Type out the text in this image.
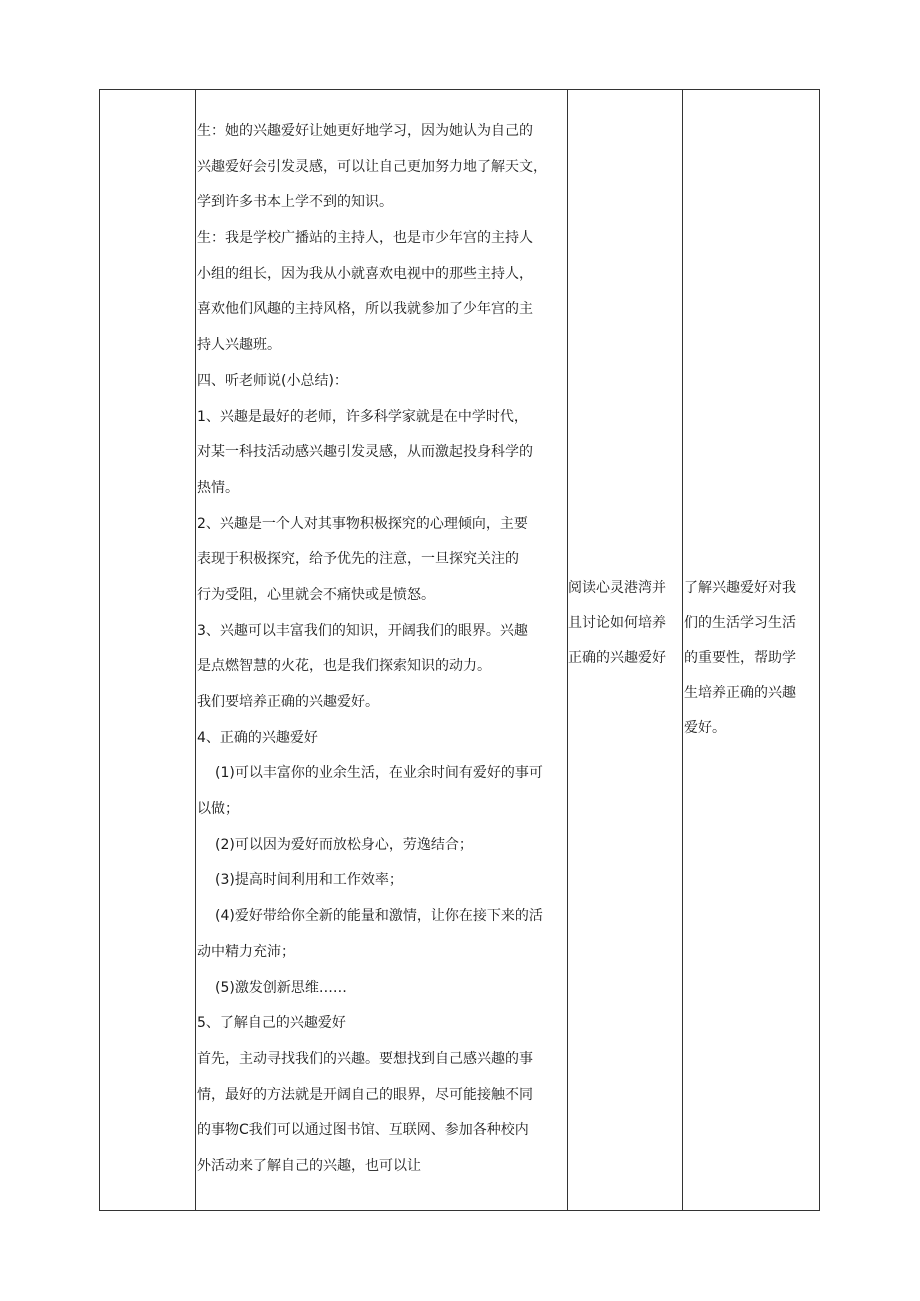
生：她的兴趣爱好让她更好地学习，因为她认为自己的
兴趣爱好会引发灵感，可以让自己更加努力地了解天文，
学到许多书本上学不到的知识。
生：我是学校广播站的主持人，也是市少年宫的主持人
小组的组长，因为我从小就喜欢电视中的那些主持人，
喜欢他们风趣的主持风格，所以我就参加了少年宫的主
持人兴趣班。
四、听老师说(小总结)：
1、兴趣是最好的老师，许多科学家就是在中学时代，
对某一科技活动感兴趣引发灵感，从而激起投身科学的
热情。
2、兴趣是一个人对其事物积极探究的心理倾向，主要
表现于积极探究，给予优先的注意，一旦探究关注的
行为受阻，心里就会不痛快或是愤怒。
3、兴趣可以丰富我们的知识，开阔我们的眼界。兴趣
是点燃智慧的火花，也是我们探索知识的动力。
我们要培养正确的兴趣爱好。
4、正确的兴趣爱好
(1)可以丰富你的业余生活，在业余时间有爱好的事可
以做；
(2)可以因为爱好而放松身心，劳逸结合；
(3)提高时间利用和工作效率；
(4)爱好带给你全新的能量和激情，让你在接下来的活
动中精力充沛；
(5)激发创新思维……
5、了解自己的兴趣爱好
首先，主动寻找我们的兴趣。要想找到自己感兴趣的事
情，最好的方法就是开阔自己的眼界，尽可能接触不同
的事物C我们可以通过图书馆、互联网、参加各种校内
外活动来了解自己的兴趣，也可以让
阅读心灵港湾并
且讨论如何培养
正确的兴趣爱好
了解兴趣爱好对我
们的生活学习生活
的重要性，帮助学
生培养正确的兴趣
爱好。
